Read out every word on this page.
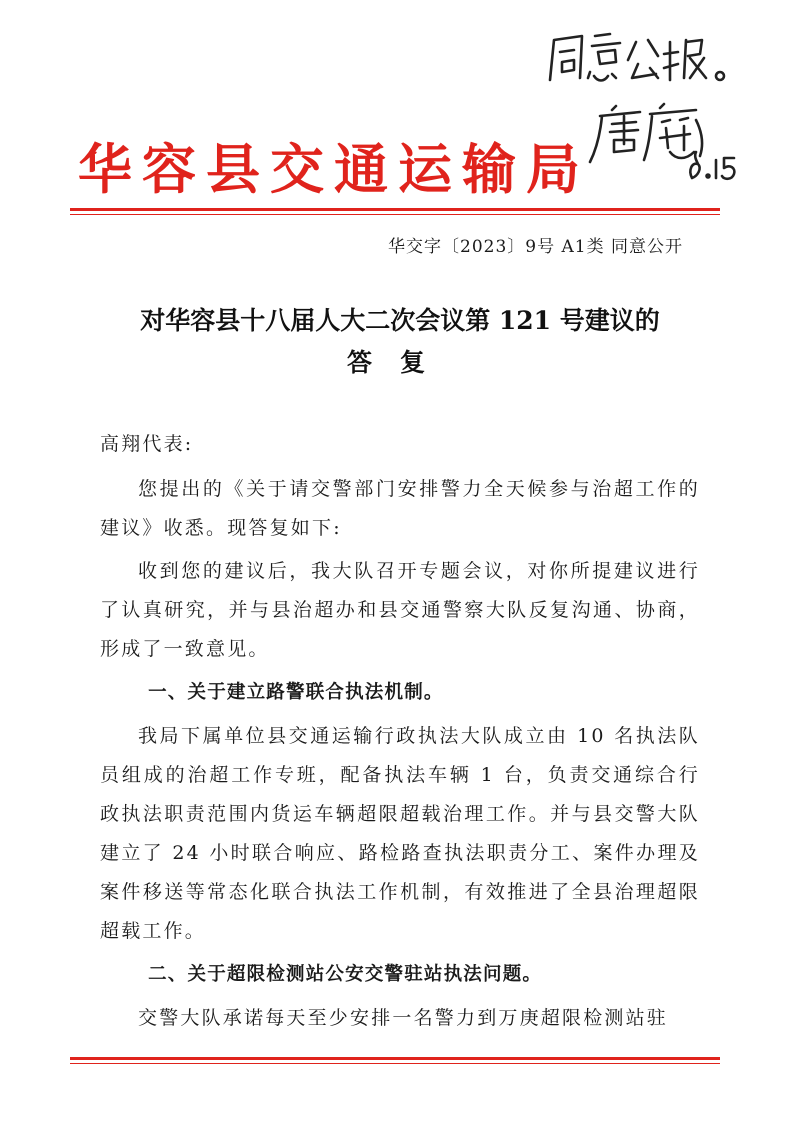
华容县交通运输局
华交字〔2023〕9号 A1类 同意公开
对华容县十八届人大二次会议第 121 号建议的
答复

高翔代表:

您提出的《关于请交警部门安排警力全天候参与治超工作的建议》收悉。现答复如下:

收到您的建议后，我大队召开专题会议，对你所提建议进行了认真研究，并与县治超办和县交通警察大队反复沟通、协商，形成了一致意见。

一、关于建立路警联合执法机制。

我局下属单位县交通运输行政执法大队成立由 10 名执法队员组成的治超工作专班，配备执法车辆 1 台，负责交通综合行政执法职责范围内货运车辆超限超载治理工作。并与县交警大队建立了 24 小时联合响应、路检路查执法职责分工、案件办理及案件移送等常态化联合执法工作机制，有效推进了全县治理超限超载工作。

二、关于超限检测站公安交警驻站执法问题。

交警大队承诺每天至少安排一名警力到万庚超限检测站驻
